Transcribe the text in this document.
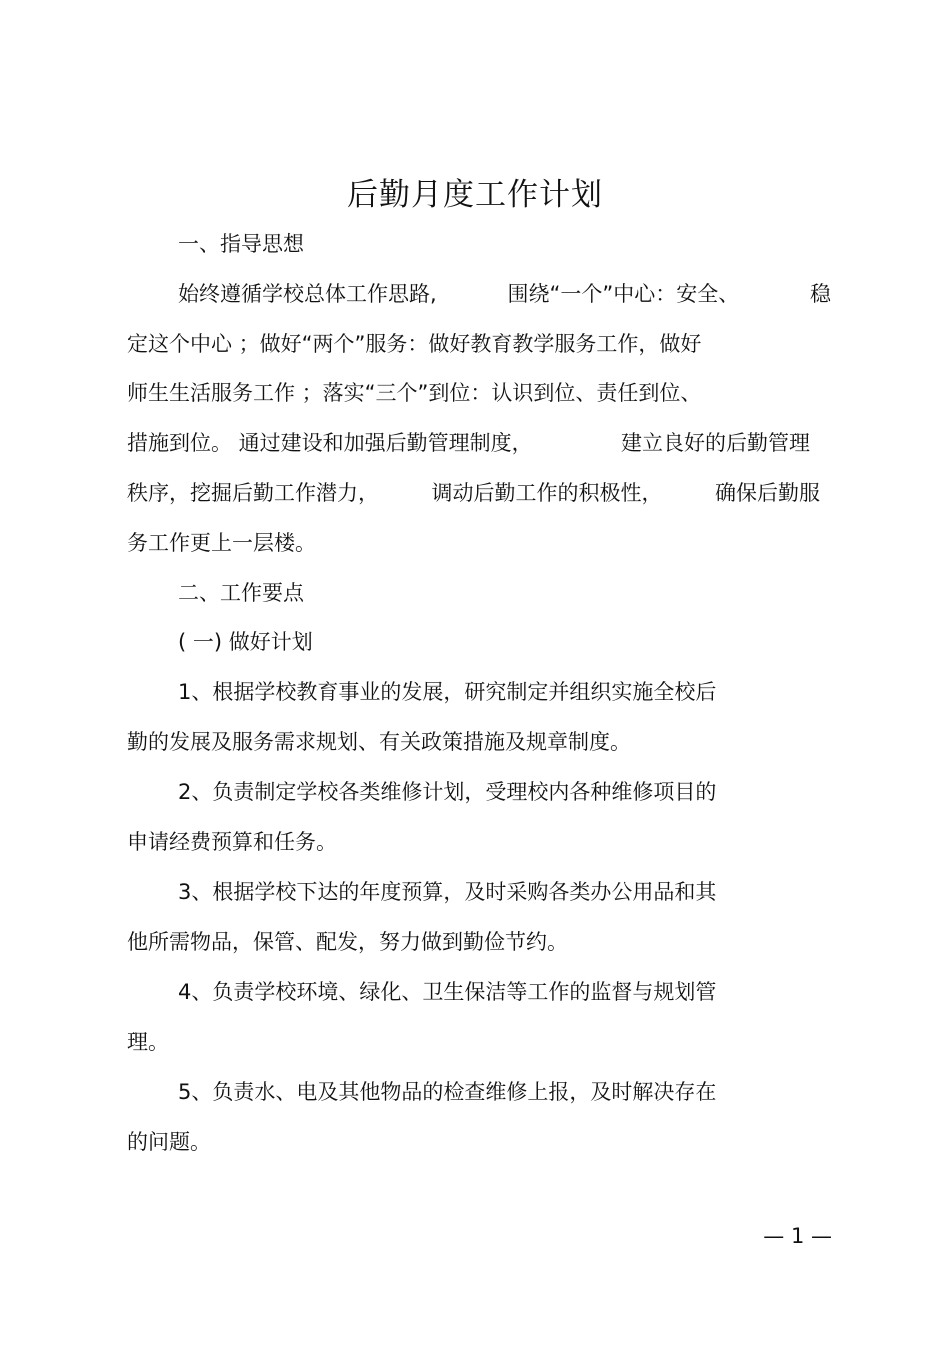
后勤月度工作计划
一、指导思想
始终遵循学校总体工作思路,	围绕“一个”中心：安全、	稳
定这个中心 ；做好“两个”服务：做好教育教学服务工作，做好
师生生活服务工作 ；落实“三个”到位：认识到位、责任到位、
措施到位。 通过建设和加强后勤管理制度，	建立良好的后勤管理
秩序，挖掘后勤工作潜力，	调动后勤工作的积极性，	确保后勤服
务工作更上一层楼。
二、工作要点
( 一) 做好计划
1、根据学校教育事业的发展，研究制定并组织实施全校后
勤的发展及服务需求规划、有关政策措施及规章制度。
2、负责制定学校各类维修计划，受理校内各种维修项目的
申请经费预算和任务。
3、根据学校下达的年度预算，及时采购各类办公用品和其
他所需物品，保管、配发，努力做到勤俭节约。
4、负责学校环境、绿化、卫生保洁等工作的监督与规划管
理。
5、负责水、电及其他物品的检查维修上报，及时解决存在
的问题。
— 1 —
